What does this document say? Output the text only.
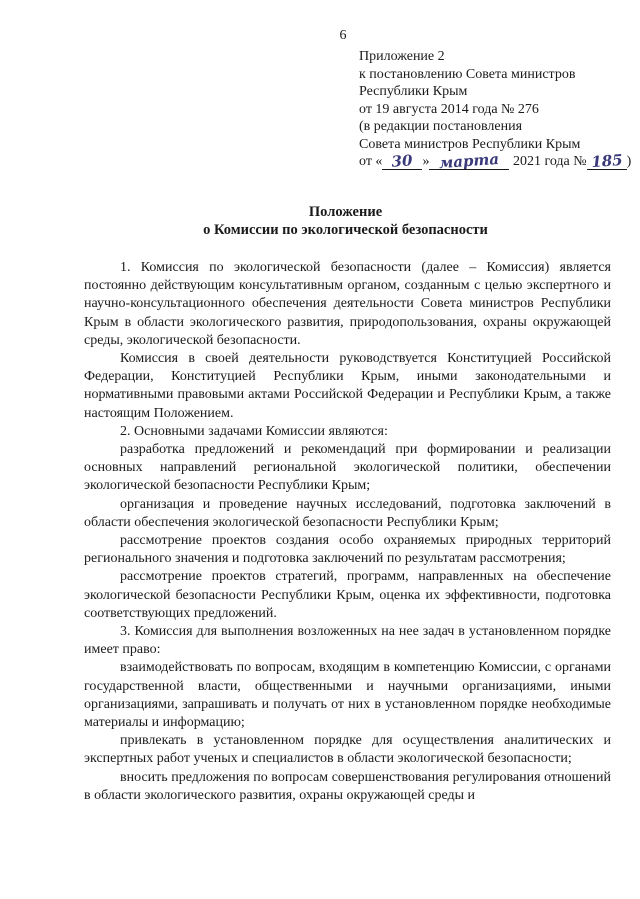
6
Приложение 2
к постановлению Совета министров
Республики Крым
от 19 августа 2014 года № 276
(в редакции постановления
Совета министров Республики Крым
от « 30 » марта 2021 года № 185 )
Положение
о Комиссии по экологической безопасности

1. Комиссия по экологической безопасности (далее – Комиссия) является постоянно действующим консультативным органом, созданным с целью экспертного и научно-консультационного обеспечения деятельности Совета министров Республики Крым в области экологического развития, природопользования, охраны окружающей среды, экологической безопасности.

Комиссия в своей деятельности руководствуется Конституцией Российской Федерации, Конституцией Республики Крым, иными законодательными и нормативными правовыми актами Российской Федерации и Республики Крым, а также настоящим Положением.

2. Основными задачами Комиссии являются:

разработка предложений и рекомендаций при формировании и реализации основных направлений региональной экологической политики, обеспечении экологической безопасности Республики Крым;

организация и проведение научных исследований, подготовка заключений в области обеспечения экологической безопасности Республики Крым;

рассмотрение проектов создания особо охраняемых природных территорий регионального значения и подготовка заключений по результатам рассмотрения;

рассмотрение проектов стратегий, программ, направленных на обеспечение экологической безопасности Республики Крым, оценка их эффективности, подготовка соответствующих предложений.

3. Комиссия для выполнения возложенных на нее задач в установленном порядке имеет право:

взаимодействовать по вопросам, входящим в компетенцию Комиссии, с органами государственной власти, общественными и научными организациями, иными организациями, запрашивать и получать от них в установленном порядке необходимые материалы и информацию;

привлекать в установленном порядке для осуществления аналитических и экспертных работ ученых и специалистов в области экологической безопасности;

вносить предложения по вопросам совершенствования регулирования отношений в области экологического развития, охраны окружающей среды и
